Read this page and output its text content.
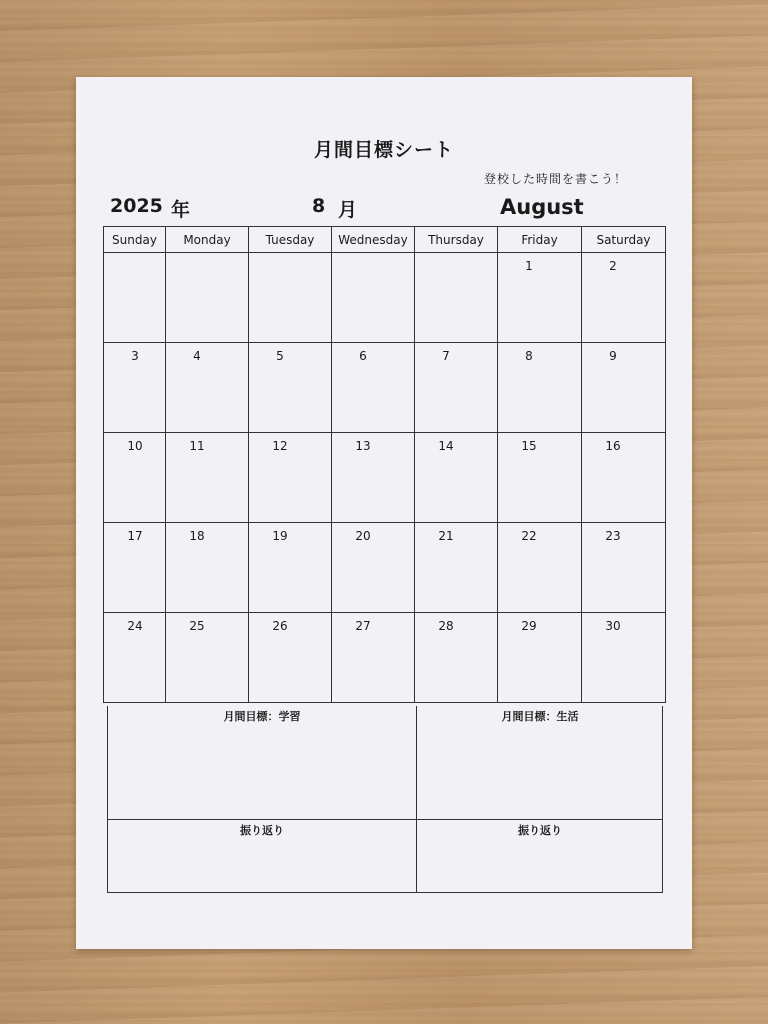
月間目標シート
登校した時間を書こう！
2025 年	8 月	August
Sunday	Monday	Tuesday	Wednesday	Thursday	Friday	Saturday

					1	2

3	4	5	6	7	8	9

10	11	12	13	14	15	16

17	18	19	20	21	22	23

24	25	26	27	28	29	30
月間目標：学習	月間目標：生活
振り返り	振り返り
